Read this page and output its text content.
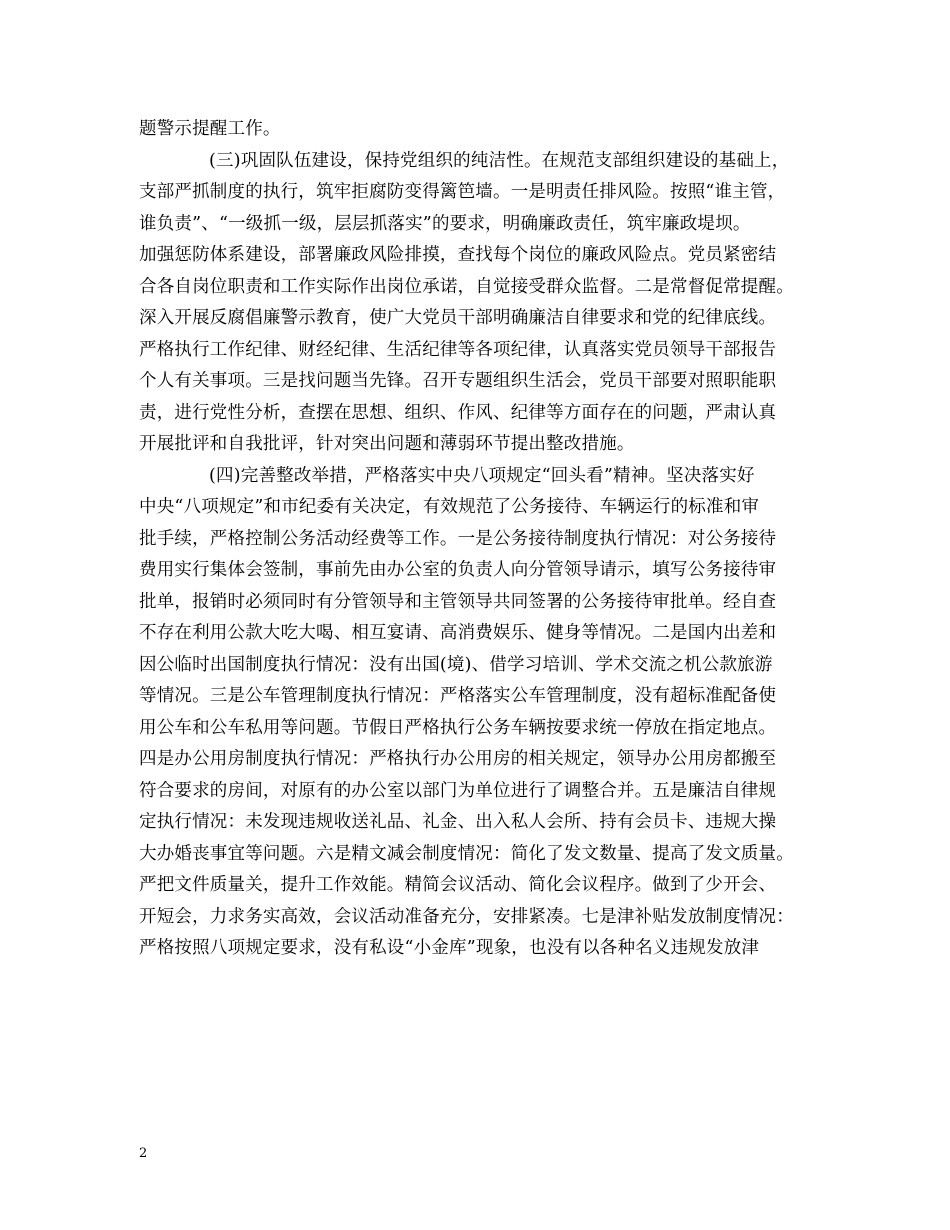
题警示提醒工作。
(三)巩固队伍建设，保持党组织的纯洁性。在规范支部组织建设的基础上，
支部严抓制度的执行，筑牢拒腐防变得篱笆墙。一是明责任排风险。按照“谁主管，
谁负责”、“一级抓一级，层层抓落实”的要求，明确廉政责任，筑牢廉政堤坝。
加强惩防体系建设，部署廉政风险排摸，查找每个岗位的廉政风险点。党员紧密结
合各自岗位职责和工作实际作出岗位承诺，自觉接受群众监督。二是常督促常提醒。
深入开展反腐倡廉警示教育，使广大党员干部明确廉洁自律要求和党的纪律底线。
严格执行工作纪律、财经纪律、生活纪律等各项纪律，认真落实党员领导干部报告
个人有关事项。三是找问题当先锋。召开专题组织生活会，党员干部要对照职能职
责，进行党性分析，查摆在思想、组织、作风、纪律等方面存在的问题，严肃认真
开展批评和自我批评，针对突出问题和薄弱环节提出整改措施。
(四)完善整改举措，严格落实中央八项规定“回头看”精神。坚决落实好
中央“八项规定”和市纪委有关决定，有效规范了公务接待、车辆运行的标准和审
批手续，严格控制公务活动经费等工作。一是公务接待制度执行情况：对公务接待
费用实行集体会签制，事前先由办公室的负责人向分管领导请示，填写公务接待审
批单，报销时必须同时有分管领导和主管领导共同签署的公务接待审批单。经自查
不存在利用公款大吃大喝、相互宴请、高消费娱乐、健身等情况。二是国内出差和
因公临时出国制度执行情况：没有出国(境)、借学习培训、学术交流之机公款旅游
等情况。三是公车管理制度执行情况：严格落实公车管理制度，没有超标准配备使
用公车和公车私用等问题。节假日严格执行公务车辆按要求统一停放在指定地点。
四是办公用房制度执行情况：严格执行办公用房的相关规定，领导办公用房都搬至
符合要求的房间，对原有的办公室以部门为单位进行了调整合并。五是廉洁自律规
定执行情况：未发现违规收送礼品、礼金、出入私人会所、持有会员卡、违规大操
大办婚丧事宜等问题。六是精文减会制度情况：简化了发文数量、提高了发文质量。
严把文件质量关，提升工作效能。精简会议活动、简化会议程序。做到了少开会、
开短会，力求务实高效，会议活动准备充分，安排紧凑。七是津补贴发放制度情况：
严格按照八项规定要求，没有私设“小金库”现象，也没有以各种名义违规发放津
2
